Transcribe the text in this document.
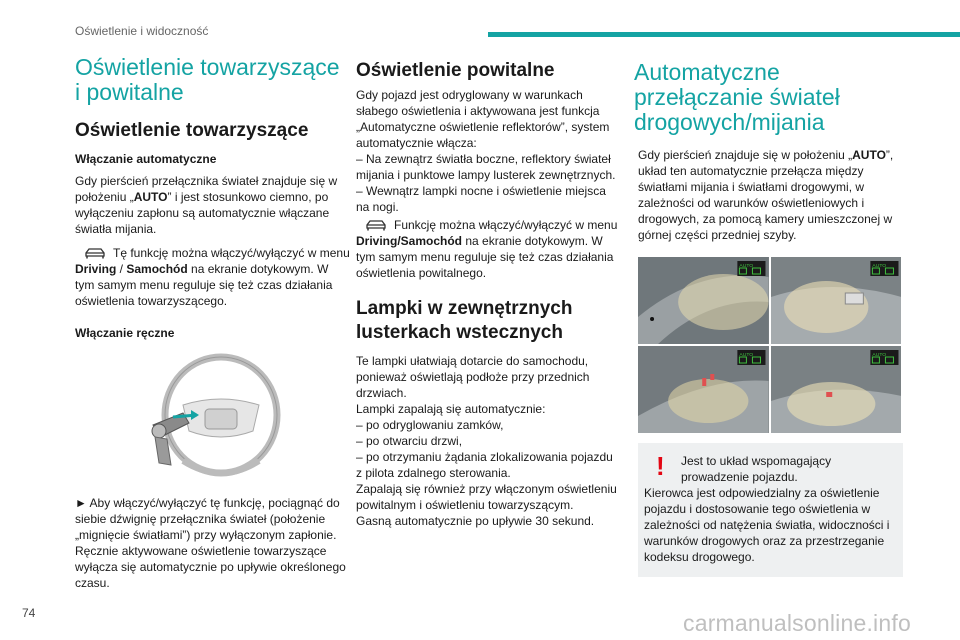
Oświetlenie i widoczność
Oświetlenie towarzyszące i powitalne
Oświetlenie towarzyszące
Włączanie automatyczne

Gdy pierścień przełącznika świateł znajduje się w położeniu „AUTO” i jest stosunkowo ciemno, po wyłączeniu zapłonu są automatycznie włączane światła mijania.

Tę funkcję można włączyć/wyłączyć w menu Driving / Samochód na ekranie dotykowym. W tym samym menu reguluje się też czas działania oświetlenia towarzyszącego.

Włączanie ręczne

► Aby włączyć/wyłączyć tę funkcję, pociągnąć do siebie dźwignię przełącznika świateł (położenie „mignięcie światłami”) przy wyłączonym zapłonie.

Ręcznie aktywowane oświetlenie towarzyszące wyłącza się automatycznie po upływie określonego czasu.

Oświetlenie powitalne

Gdy pojazd jest odryglowany w warunkach słabego oświetlenia i aktywowana jest funkcja „Automatyczne oświetlenie reflektorów”, system automatycznie włącza:

– Na zewnątrz światła boczne, reflektory świateł mijania i punktowe lampy lusterek zewnętrznych.

– Wewnątrz lampki nocne i oświetlenie miejsca na nogi.

Funkcję można włączyć/wyłączyć w menu Driving/Samochód na ekranie dotykowym. W tym samym menu reguluje się też czas działania oświetlenia powitalnego.

Lampki w zewnętrznych lusterkach wstecznych

Te lampki ułatwiają dotarcie do samochodu, ponieważ oświetlają podłoże przy przednich drzwiach.

Lampki zapalają się automatycznie:

– po odryglowaniu zamków,

– po otwarciu drzwi,

– po otrzymaniu żądania zlokalizowania pojazdu z pilota zdalnego sterowania.

Zapalają się również przy włączonym oświetleniu powitalnym i oświetleniu towarzyszącym.

Gasną automatycznie po upływie 30 sekund.

Automatyczne przełączanie świateł drogowych/mijania

Gdy pierścień znajduje się w położeniu „AUTO”, układ ten automatycznie przełącza między światłami mijania i światłami drogowymi, w zależności od warunków oświetleniowych i drogowych, za pomocą kamery umieszczonej w górnej części przedniej szyby.

AUTO	AUTO
AUTO	AUTO
! Jest to układ wspomagający prowadzenie pojazdu.

Kierowca jest odpowiedzialny za oświetlenie pojazdu i dostosowanie tego oświetlenia w zależności od natężenia światła, widoczności i warunków drogowych oraz za przestrzeganie kodeksu drogowego.

74	carmanualsonline.info
